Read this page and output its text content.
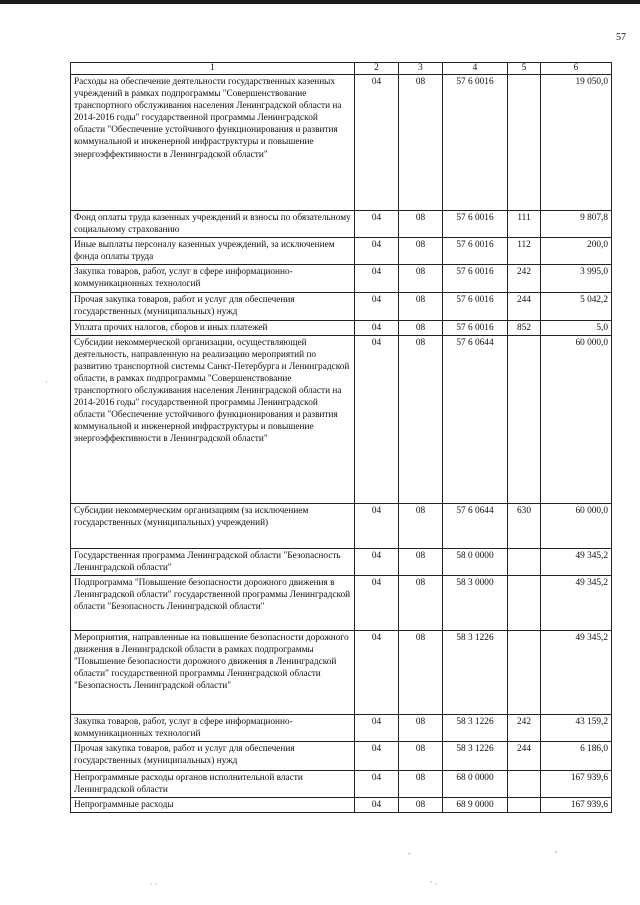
57
1	2	3	4	5	6
Расходы на обеспечение деятельности государственных казенных учреждений в рамках подпрограммы "Совершенствование транспортного обслуживания населения Ленинградской области на 2014-2016 годы" государственной программы Ленинградской области "Обеспечение устойчивого функционирования и развития коммунальной и инженерной инфраструктуры и повышение энергоэффективности в Ленинградской области"	04	08	57 6 0016		19 050,0
Фонд оплаты труда казенных учреждений и взносы по обязательному социальному страхованию	04	08	57 6 0016	111	9 807,8
Иные выплаты персоналу казенных учреждений, за исключением фонда оплаты труда	04	08	57 6 0016	112	200,0
Закупка товаров, работ, услуг в сфере информационно-коммуникационных технологий	04	08	57 6 0016	242	3 995,0
Прочая закупка товаров, работ и услуг для обеспечения государственных (муниципальных) нужд	04	08	57 6 0016	244	5 042,2
Уплата прочих налогов, сборов и иных платежей	04	08	57 6 0016	852	5,0
Субсидии некоммерческой организации, осуществляющей деятельность, направленную на реализацию мероприятий по развитию транспортной системы Санкт-Петербурга и Ленинградской области, в рамках подпрограммы "Совершенствование транспортного обслуживания населения Ленинградской области на 2014-2016 годы" государственной программы Ленинградской области "Обеспечение устойчивого функционирования и развития коммунальной и инженерной инфраструктуры и повышение энергоэффективности в Ленинградской области"	04	08	57 6 0644		60 000,0
Субсидии некоммерческим организациям (за исключением государственных (муниципальных) учреждений)	04	08	57 6 0644	630	60 000,0
Государственная программа Ленинградской области "Безопасность Ленинградской области"	04	08	58 0 0000		49 345,2
Подпрограмма "Повышение безопасности дорожного движения в Ленинградской области" государственной программы Ленинградской области "Безопасность Ленинградской области"	04	08	58 3 0000		49 345,2
Мероприятия, направленные на повышение безопасности дорожного движения в Ленинградской области в рамках подпрограммы "Повышение безопасности дорожного движения в Ленинградской области" государственной программы Ленинградской области "Безопасность Ленинградской области"	04	08	58 3 1226		49 345,2
Закупка товаров, работ, услуг в сфере информационно-коммуникационных технологий	04	08	58 3 1226	242	43 159,2
Прочая закупка товаров, работ и услуг для обеспечения государственных (муниципальных) нужд	04	08	58 3 1226	244	6 186,0
Непрограммные расходы органов исполнительной власти Ленинградской области	04	08	68 0 0000		167 939,6
Непрограммные расходы	04	08	68 9 0000		167 939,6
·
ˆ
,
· ·	` ·
